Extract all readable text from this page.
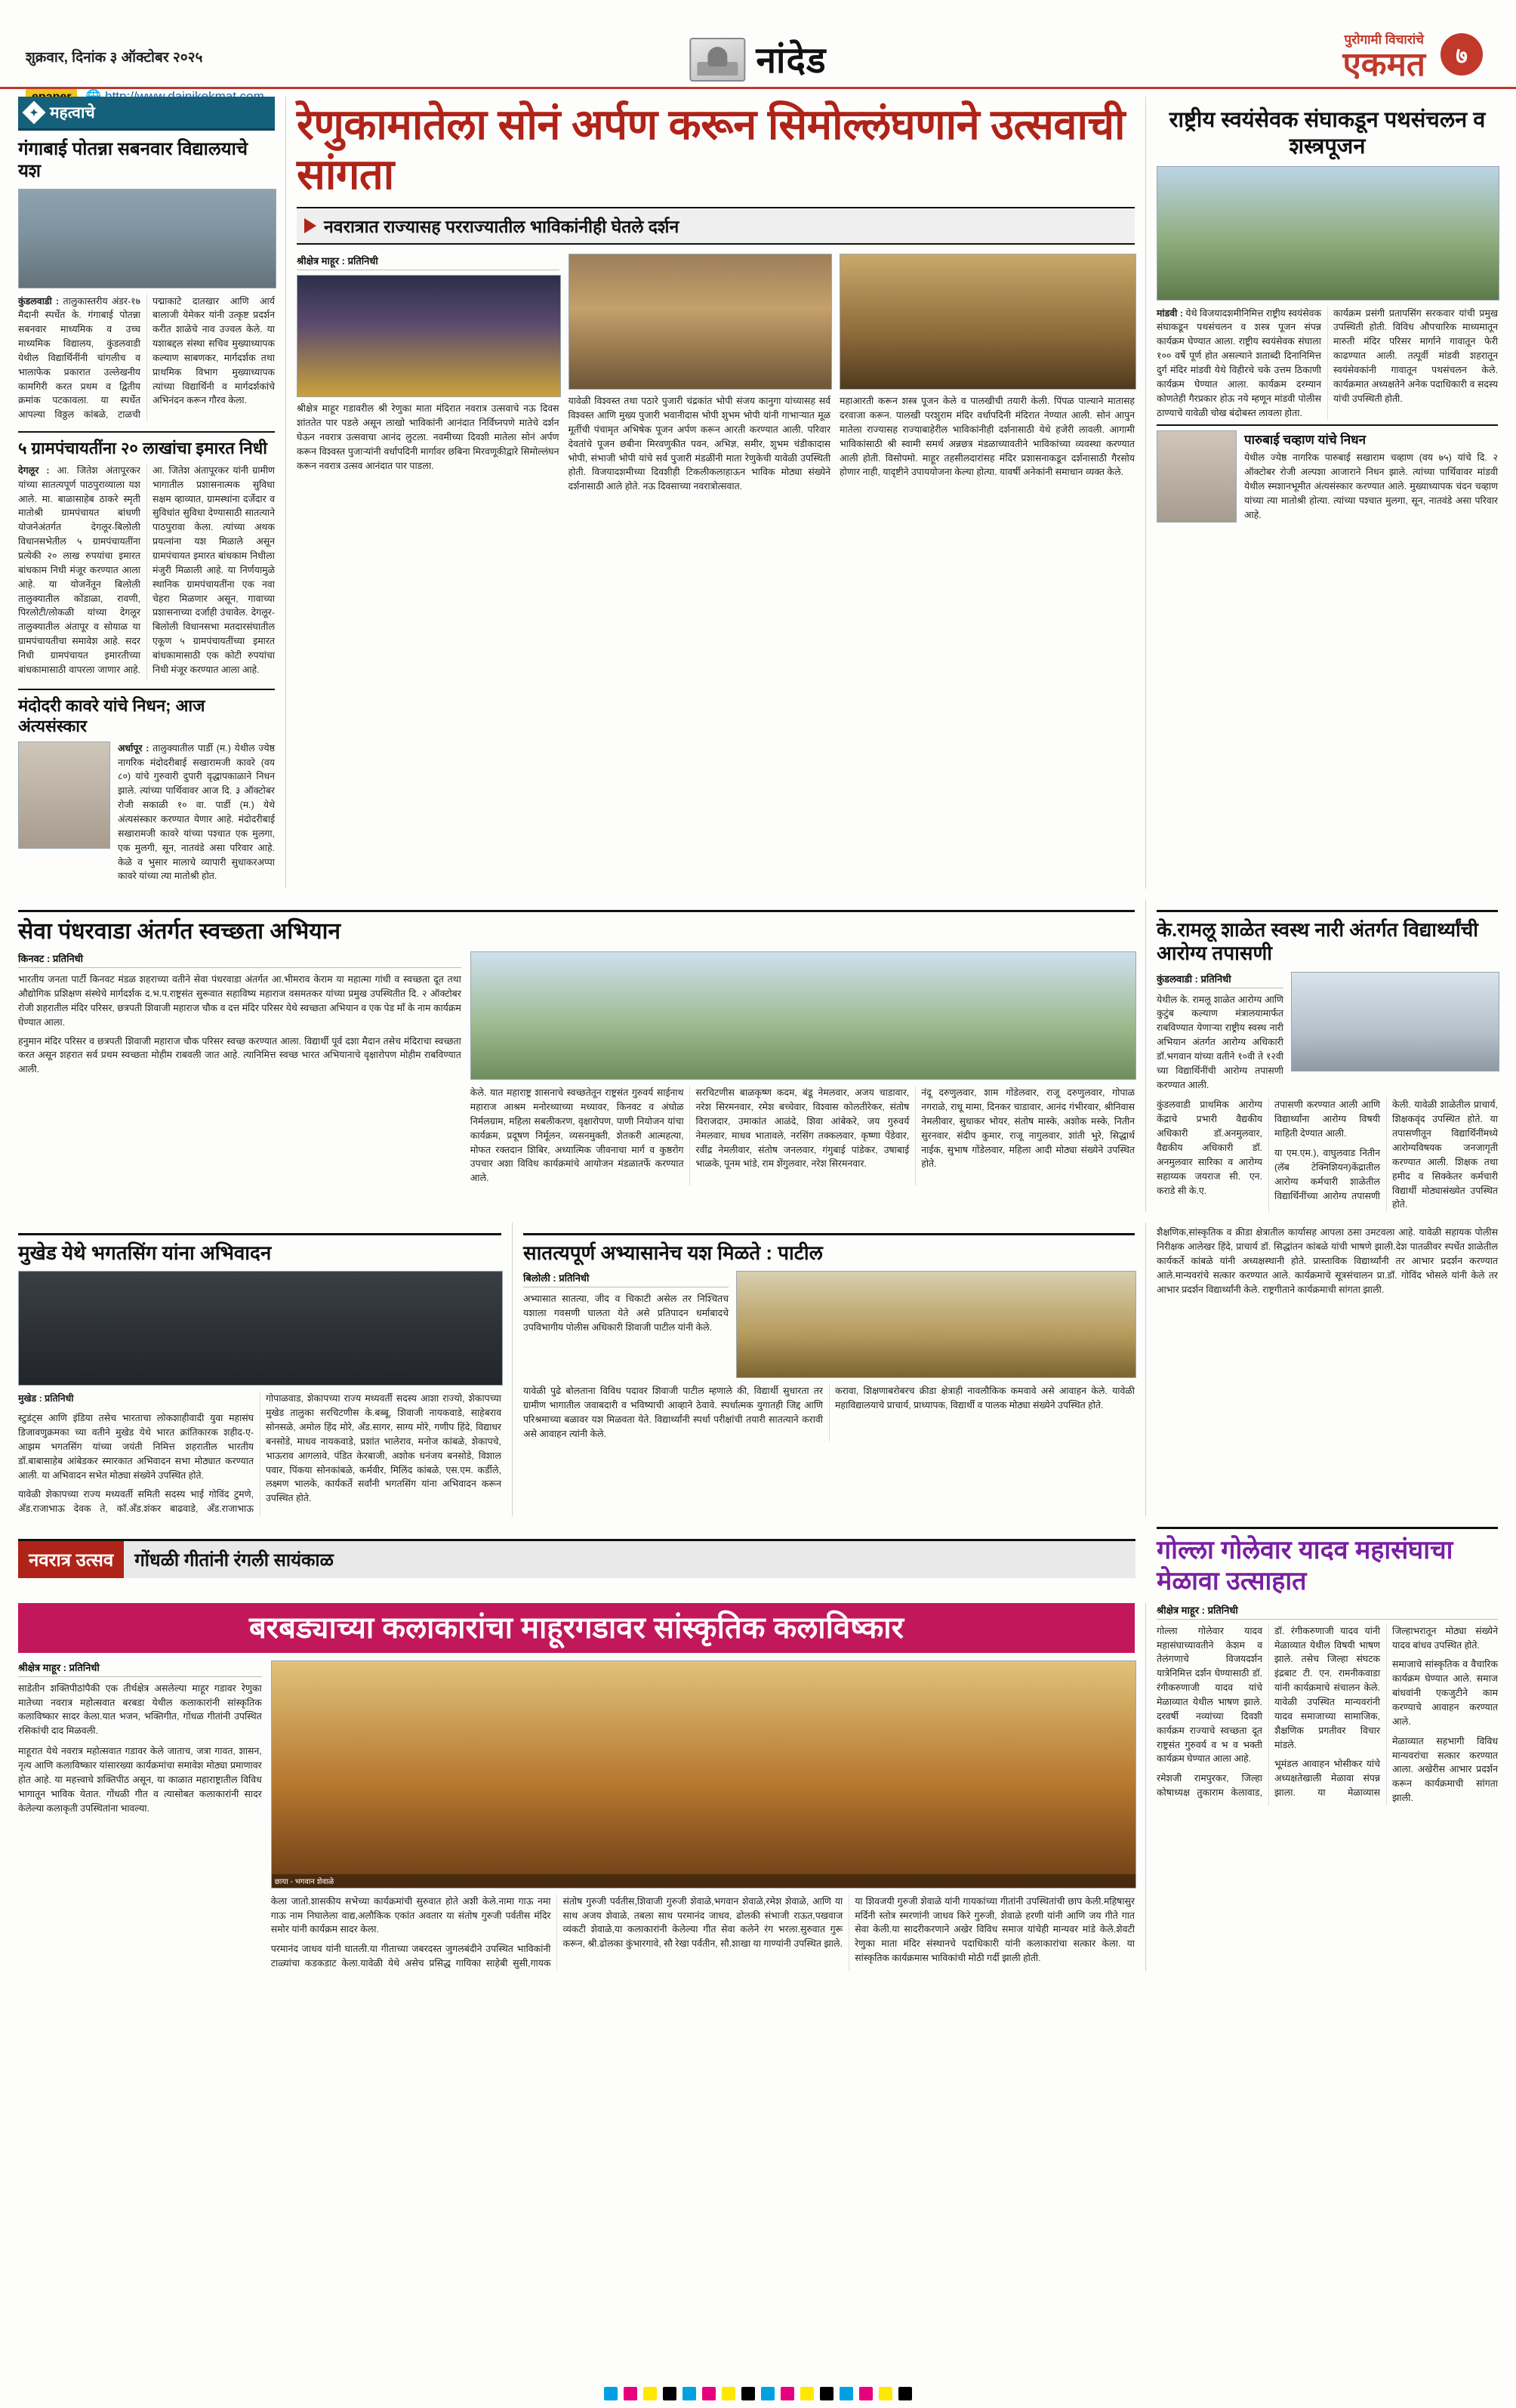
शुक्रवार, दिनांक ३ ऑक्टोबर २०२५	नांदेड
पुरोगामी विचारांचे
एकमत	७
✦ महत्वाचे
गंगाबाई पोतन्ना सबनवार विद्यालयाचे यश

कुंडलवाडी : तालुकास्तरीय अंडर-१७ मैदानी स्पर्धेत के. गंगाबाई पोतन्ना सबनवार माध्यमिक व उच्च माध्यमिक विद्यालय, कुंडलवाडी येथील विद्यार्थिनींनी चांगलीच व भालाफेक प्रकारात उल्लेखनीय कामगिरी करत प्रथम व द्वितीय क्रमांक पटकावला. या स्पर्धेत आपल्या विठ्ठल कांबळे, टाळची पद्माकाटे दातखार आणि आर्य बालाजी येमेकर यांनी उत्कृष्ट प्रदर्शन करीत शाळेचे नाव उज्वल केले. या यशाबद्दल संस्था सचिव मुख्याध्यापक कल्याण साबणकर, मार्गदर्शक तथा प्राथमिक विभाग मुख्याध्यापक त्यांच्या विद्यार्थिनी व मार्गदर्शकांचे अभिनंदन करून गौरव केला.

५ ग्रामपंचायतींना २० लाखांचा इमारत निधी

देगलूर : आ. जितेश अंतापूरकर यांच्या सातत्यपूर्ण पाठपुराव्याला यश आले. मा. बाळासाहेब ठाकरे स्मृती मातोश्री ग्रामपंचायत बांधणी योजनेअंतर्गत देगलूर-बिलोली विधानसभेतील ५ ग्रामपंचायतींना प्रत्येकी २० लाख रुपयांचा इमारत बांधकाम निधी मंजूर करण्यात आला आहे. या योजनेंतून बिलोली तालुक्यातील कोंडाळा, रावणी, पिरलोटी/लोकळी यांच्या देगलूर तालुक्यातील अंतापूर व सोयाळ या ग्रामपंचायतीचा समावेश आहे. सदर निधी ग्रामपंचायत इमारतीच्या बांधकामासाठी वापरला जाणार आहे. आ. जितेश अंतापूरकर यांनी ग्रामीण भागातील प्रशासनात्मक सुविधा सक्षम व्हाव्यात, ग्रामस्थांना दर्जेदार व सुविधांत सुविधा देण्यासाठी सातत्याने पाठपुरावा केला. त्यांच्या अथक प्रयत्नांना यश मिळाले असून ग्रामपंचायत इमारत बांधकाम निधीला मंजुरी मिळाली आहे. या निर्णयामुळे स्थानिक ग्रामपंचायतींना एक नवा चेहरा मिळणार असून, गावाच्या प्रशासनाच्या दर्जाही उंचावेल. देगलूर-बिलोली विधानसभा मतदारसंघातील एकूण ५ ग्रामपंचायतींच्या इमारत बांधकामासाठी एक कोटी रुपयांचा निधी मंजूर करण्यात आला आहे.

मंदोदरी कावरे यांचे निधन; आज अंत्यसंस्कार

अर्धापूर : तालुक्यातील पार्डी (म.) येथील ज्येष्ठ नागरिक मंदोदरीबाई सखारामजी कावरे (वय ८०) यांचे गुरुवारी दुपारी वृद्धापकाळाने निधन झाले. त्यांच्या पार्थिवावर आज दि. ३ ऑक्टोबर रोजी सकाळी १० वा. पार्डी (म.) येथे अंत्यसंस्कार करण्यात येणार आहे. मंदोदरीबाई सखारामजी कावरे यांच्या पश्चात एक मुलगा, एक मुलगी, सून, नातवंडे असा परिवार आहे. केळे व भुसार मालाचे व्यापारी सुधाकरअप्पा कावरे यांच्या त्या मातोश्री होत.

रेणुकामातेला सोनं अर्पण करून सिमोल्लंघणाने उत्सवाची सांगता
नवरात्रात राज्यासह परराज्यातील भाविकांनीही घेतले दर्शन
श्रीक्षेत्र माहूर : प्रतिनिधी
श्रीक्षेत्र माहूर गडावरील श्री रेणुका माता मंदिरात नवरात्र उत्सवाचे नऊ दिवस शांततेत पार पडले असून लाखो भाविकांनी आनंदात निर्विघ्नपणे मातेचे दर्शन घेऊन नवरात्र उत्सवाचा आनंद लुटला. नवमीच्या दिवशी मातेला सोनं अर्पण करून विश्वस्त पुजाऱ्यांनी वर्धापदिनी मार्गावर छबिना मिरवणूकीद्वारे सिमोल्लंघन करून नवरात्र उत्सव आनंदात पार पाडला.
यावेळी विश्वस्त तथा पठारे पुजारी चंद्रकांत भोपी संजय कानुगा यांच्यासह सर्व विश्वस्त आणि मुख्य पुजारी भवानीदास भोपी शुभम भोपी यांनी गाभाऱ्यात मूळ मूर्तीची पंचामृत अभिषेक पूजन अर्पण करून आरती करण्यात आली. परिवार देवतांचे पूजन छबीना मिरवणुकीत पवन, अभिज्ञ, समीर, शुभम चंडीकादास भोपी, संभाजी भोपी यांचे सर्व पुजारी मंडळींनी माता रेणुकेची यावेळी उपस्थिती होती. विजयादशमीच्या दिवशीही टिकलीकलाहाऊन भाविक मोठ्या संख्येने दर्शनासाठी आले होते. नऊ दिवसाच्या नवरात्रोत्सवात.
महाआरती करून शस्त्र पूजन केले व पालखीची तयारी केली. पिंपळ पाल्याने मातासह दरवाजा करून. पालखी परशुराम मंदिर वर्धापदिनी मंदिरात नेण्यात आली. सोनं आपुन मातेला राज्यासह राज्याबाहेरील भाविकांनीही दर्शनासाठी येथे हजेरी लावली. आगामी भाविकांसाठी श्री स्वामी समर्थ अन्नछत्र मंडळाच्यावतीने भाविकांच्या व्यवस्था करण्यात आली होती. विसोपमो. माहूर तहसीलदारांसह मंदिर प्रशासनाकडून दर्शनासाठी गैरसोय होणार नाही, यादृष्टीने उपाययोजना केल्या होत्या. यावर्षी अनेकांनी समाधान व्यक्त केले.
राष्ट्रीय स्वयंसेवक संघाकडून पथसंचलन व शस्त्रपूजन

मांडवी : येथे विजयादशमीनिमित्त राष्ट्रीय स्वयंसेवक संघाकडून पथसंचलन व शस्त्र पूजन संपन्न कार्यक्रम घेण्यात आला. राष्ट्रीय स्वयंसेवक संघाला १०० वर्षे पूर्ण होत असल्याने शताब्दी दिनानिमित्त दुर्ग मंदिर मांडवी येथे विहीरचे चके उत्तम ठिकाणी कार्यक्रम घेण्यात आला. कार्यक्रम दरम्यान कोणतेही गैरप्रकार होऊ नये म्हणून मांडवी पोलीस ठाण्याचे यावेळी चोख बंदोबस्त लावला होता.

कार्यक्रम प्रसंगी प्रतापसिंग सरकवार यांची प्रमुख उपस्थिती होती. विविध औपचारिक माध्यमातून मारुती मंदिर परिसर मार्गाने गावातून फेरी काढण्यात आली. तत्पूर्वी मांडवी शहरातून स्वयंसेवकांनी गावातून पथसंचलन केले. कार्यक्रमात अध्यक्षतेने अनेक पदाधिकारी व सदस्य यांची उपस्थिती होती.

पारुबाई चव्हाण यांचे निधन
येथील ज्येष्ठ नागरिक पारुबाई सखाराम चव्हाण (वय ७५) यांचे दि. २ ऑक्टोबर रोजी अल्पशा आजाराने निधन झाले. त्यांच्या पार्थिवावर मांडवी येथील स्मशानभूमीत अंत्यसंस्कार करण्यात आले. मुख्याध्यापक चंदन चव्हाण यांच्या त्या मातोश्री होत्या. त्यांच्या पश्चात मुलगा, सून, नातवंडे असा परिवार आहे.
सेवा पंधरवाडा अंतर्गत स्वच्छता अभियान
किनवट : प्रतिनिधी
भारतीय जनता पार्टी किनवट मंडळ शहराच्या वतीने सेवा पंधरवाडा अंतर्गत आ.भीमराव केराम या महात्मा गांधी व स्वच्छता दूत तथा औद्योगिक प्रशिक्षण संस्थेचे मार्गदर्शक द.भ.प.राष्ट्रसंत सुरूवात सहाविष्य महाराज वसमतकर यांच्या प्रमुख उपस्थितीत दि. २ ऑक्टोबर रोजी शहरातील मंदिर परिसर, छत्रपती शिवाजी महाराज चौक व दत्त मंदिर परिसर येथे स्वच्छता अभियान व एक पेड माँ के नाम कार्यक्रम घेण्यात आला.
हनुमान मंदिर परिसर व छत्रपती शिवाजी महाराज चौक परिसर स्वच्छ करण्यात आला. विद्यार्थी पूर्व दशा मैदान तसेच मंदिराचा स्वच्छता करत असून शहरात सर्व प्रथम स्वच्छता मोहीम राबवली जात आहे. त्यानिमित्त स्वच्छ भारत अभियानाचे वृक्षारोपण मोहीम राबविण्यात आली.

केले. यात महाराष्ट्र शासनाचे स्वच्छतेतून राष्ट्रसंत गुरुवर्य साईनाथ महाराज आश्रम मनोरथ्याच्या मध्यावर, किनवट व अंघोळ निर्मलग्राम, महिला सबलीकरण, वृक्षारोपण, पाणी नियोजन यांचा कार्यक्रम, प्रदूषण निर्मूलन, व्यसनमुक्ती, शेतकरी आत्महत्या, मोफत रक्तदान शिबिर, अध्यात्मिक जीवनाचा मार्ग व कुष्ठरोग उपचार अशा विविध कार्यक्रमांचे आयोजन मंडळातर्फे करण्यात आले.

सरचिटणीस बाळकृष्ण कदम, बंडू नेमलवार, अजय चाडावार, नरेश सिरमनवार, रमेश बच्चेवार, विश्वास कोलतीरेकर, संतोष विराजदार, उमाकांत आळंदे, शिवा आंबेकरे, जय गुरुवर्य नेमलवार, माधव भातावले, नरसिंग तक्कलवार, कृष्णा पेंडेवार, रवींद्र नेमलीवार, संतोष जनलवार, गंगुबाई पांडेकर, उषाबाई भाळके, पूनम भांडे, राम शेंगुलवार, नरेश सिरमनवार.

नंदू दरुणुलवार, शाम गोंडेलवार, राजू दरुणुलवार, गोपाळ नगराळे, राधू मामा, दिनकर चाडावार, आनंद गंभीरवार, श्रीनिवास नेमलीवार, सुधाकर भोयर, संतोष मास्के, अशोक मस्के, नितीन सुरनवार, संदीप कुमार, राजू नागुलवार, शांती भुरे, सिद्धार्थ नाईक, सुभाष गोंडेलवार, महिला आदी मोठ्या संख्येने उपस्थित होते.

के.रामलू शाळेत स्वस्थ नारी अंतर्गत विद्यार्थ्यांची आरोग्य तपासणी
कुंडलवाडी : प्रतिनिधी
येथील के. रामलू शाळेत आरोग्य आणि कुटुंब कल्याण मंत्रालयामार्फत राबविण्यात येणाऱ्या राष्ट्रीय स्वस्थ नारी अभियान अंतर्गत आरोग्य अधिकारी डॉ.भगवान यांच्या वतीने १०वी ते १२वी च्या विद्यार्थिनींची आरोग्य तपासणी करण्यात आली.

कुंडलवाडी प्राथमिक आरोग्य केंद्राचे प्रभारी वैद्यकीय अधिकारी डॉ.अनमुलवार, वैद्यकीय अधिकारी डॉ. अनमुलवार सारिका व आरोग्य सहाय्यक जयराज सी. एन. कराडे सी के.ए.

तपासणी करण्यात आली आणि विद्यार्थ्यांना आरोग्य विषयी माहिती देण्यात आली.

या एम.एम.), वाघुलवाड नितीन (लॅब टेक्निशियन)केंद्रातील आरोग्य कर्मचारी शाळेतील विद्यार्थिनींच्या आरोग्य तपासणी केली. यावेळी शाळेतील प्राचार्य, शिक्षकवृंद उपस्थित होते. या तपासणीतून विद्यार्थिनींमध्ये आरोग्यविषयक जनजागृती करण्यात आली. शिक्षक तथा हमीद व सिक्केतर कर्मचारी विद्यार्थी मोठ्यासंख्येत उपस्थित होते.

मुखेड येथे भगतसिंग यांना अभिवादन

मुखेड : प्रतिनिधी

स्टुडंट्स आणि इंडिया तसेच भारताचा लोकशाहीवादी युवा महासंघ डिजावणुक्रमका च्या वतीने मुखेड येथे भारत क्रांतिकारक शहीद-ए-आझम भगतसिंग यांच्या जयंती निमित्त शहरातील भारतीय डॉ.बाबासाहेब आंबेडकर स्मारकात अभिवादन सभा मोठ्यात करण्यात आली. या अभिवादन सभेत मोठ्या संख्येने उपस्थित होते.

यावेळी शेकापच्या राज्य मध्यवर्ती समिती सदस्य भाई गोविंद टुमणे, अँड.राजाभाऊ देवक ते, कॉ.अँड.शंकर बाढवाडे, अँड.राजाभाऊ गोपाळवाड, शेकापच्या राज्य मध्यवर्ती सदस्य आशा राज्यो, शेकापच्या मुखेड तालुका सरचिटणीस के.बब्बू, शिवाजी नायकवाडे, साहेबराव सोनसळे, अमोल हिंद मोरे, अँड.सागर, साग्य मोरे, गणीप हिंदे, विद्याधर बनसोडे, माधव नायकवाडे, प्रशांत भालेराव, मनोज कांबळे, शेकापचे, भाऊराव आगलावे, पंडित केरबाजी, अशोक धनंजय बनसोडे, विशाल पवार, पिंकया सोनकांबळे, कर्मवीर, मिलिंद कांबळे, एस.एम. कर्डीले, लक्ष्मण भालके, कार्यकर्ते सर्वांनी भगतसिंग यांना अभिवादन करून उपस्थित होते.

सातत्यपूर्ण अभ्यासानेच यश मिळते : पाटील
बिलोली : प्रतिनिधी
अभ्यासात सातत्या, जीद व चिकाटी असेल तर निश्चितच यशाला गवसणी घालता येते असे प्रतिपादन धर्माबादचे उपविभागीय पोलीस अधिकारी शिवाजी पाटील यांनी केले.

यावेळी पुढे बोलताना विविध पदावर शिवाजी पाटील म्हणाले की, विद्यार्थी सुधारता तर ग्रामीण भागातील जवाबदारी व भविष्याची आव्हाने ठेवावे. स्पर्धात्मक युगातही जिद्द आणि परिश्रमाच्या बळावर यश मिळवता येते. विद्यार्थ्यांनी स्पर्धा परीक्षांची तयारी सातत्याने करावी असे आवाहन त्यांनी केले.

करावा, शिक्षणाबरोबरच क्रीडा क्षेत्राही नावलौकिक कमवावे असे आवाहन केले. यावेळी महाविद्यालयाचे प्राचार्य, प्राध्यापक, विद्यार्थी व पालक मोठ्या संख्येने उपस्थित होते.

शैक्षणिक,सांस्कृतिक व क्रीडा क्षेत्रातील कार्यासह आपला ठसा उमटवला आहे. यावेळी सहायक पोलीस निरीक्षक आलेखर हिंदे, प्राचार्य डॉ. सिद्धांतन कांबळे यांची भाषणे झाली.देश पातळीवर स्पर्धेत शाळेतील कार्यकर्ते कांबळे यांनी अध्यक्षस्थानी होते. प्रास्ताविक विद्यार्थ्यांनी तर आभार प्रदर्शन करण्यात आले.मान्यवरांचे सत्कार करण्यात आले. कार्यक्रमाचे सूत्रसंचालन प्रा.डॉ. गोविंद भोसले यांनी केले तर आभार प्रदर्शन विद्यार्थ्यांनी केले. राष्ट्रगीताने कार्यक्रमाची सांगता झाली.
नवरात्र उत्सव	गोंधळी गीतांनी रंगली सायंकाळ	गोल्ला गोलेवार यादव महासंघाचा मेळावा उत्साहात
बरबड्याच्या कलाकारांचा माहूरगडावर सांस्कृतिक कलाविष्कार
श्रीक्षेत्र माहूर : प्रतिनिधी
साडेतीन शक्तिपीठांपैकी एक तीर्थक्षेत्र असलेल्या माहूर गडावर रेणुका मातेच्या नवरात्र महोत्सवात बरबडा येथील कलाकारांनी सांस्कृतिक कलाविष्कार सादर केला.यात भजन, भक्तिगीत, गोंधळ गीतांनी उपस्थित रसिकांची दाद मिळवली.
माहूरात येथे नवरात्र महोत्सवात गडावर केले जाताच, जत्रा गावत, शासन, नृत्य आणि कलाविष्कार यांसारख्या कार्यक्रमांचा समावेश मोठ्या प्रमाणावर होत आहे. या महत्त्वाचे शक्तिपीठ असून, या काळात महाराष्ट्रातील विविध भागातून भाविक येतात. गोंधळी गीत व त्यासोबत कलाकारांनी सादर केलेल्या कलाकृती उपस्थितांना भावल्या.
छाया - भगवान शेवाळे

केला जातो.शासकीय सभेच्या कार्यक्रमांची सुरुवात होते अशी केले.नामा गाऊ नमा गाऊ नाम निघालेला वाद्य,अलौकिक एकांत अवतार या संतोष गुरुजी पर्वतीस मंदिर समोर यांनी कार्यक्रम सादर केला.

परमानंद जाधव यांनी घातली.या गीताच्या जबरदस्त जुगलबंदीने उपस्थित भाविकांनी टाळ्यांचा कडकडाट केला.यावेळी येथे असेच प्रसिद्ध गायिका साहेबी सुसी,गायक संतोष गुरुजी पर्वतीस,शिवाजी गुरुजी शेवाळे,भगवान शेवाळे,रमेश शेवाळे, आणि या साथ अजय शेवाळे, तबला साथ परमानंद जाधव, ढोलकी संभाजी राऊत,पखवाज व्यंकटी शेवाळे,या कलाकारांनी केलेल्या गीत सेवा कलेने रंग भरला.सुरुवात गुरू करून, श्री.ढोलका कुंभारगावे, सौ रेखा पर्वतीन, सौ.शाखा या गाण्यांनी उपस्थित झाले.

या शिवजयी गुरुजी शेवाळे यांनी गायकांच्या गीतांनी उपस्थितांची छाप केली.महिषासुर मर्दिनी स्तोत्र स्मरणांनी जाधव किरे गुरुजी, शेवाळे हरणी यांनी आणि जय गीते गात सेवा केली.या सादरीकरणाने अखेर विविध समाज यांचेही मान्यवर मांडे केले.शेवटी रेणुका माता मंदिर संस्थानचे पदाधिकारी यांनी कलाकारांचा सत्कार केला. या सांस्कृतिक कार्यक्रमास भाविकांची मोठी गर्दी झाली होती.

श्रीक्षेत्र माहूर : प्रतिनिधी

गोल्ला गोलेवार यादव महासंघाच्यावतीने केशम व तेलंगणाचे विजयदर्शन यात्रेनिमित्त दर्शन घेण्यासाठी डॉ. रंगीकरुणाजी यादव यांचे मेळाव्यात येथील भाषण झाले. दरवर्षी नव्यांच्या दिवशी कार्यक्रम राज्याचे स्वच्छता दूत राष्ट्रसंत गुरुवर्य व भ व भक्ती कार्यक्रम घेण्यात आला आहे.

रमेशजी रामपुरकर, जिल्हा कोषाध्यक्ष तुकाराम केलावाड, डॉ. रंगीकरुणाजी यादव यांनी मेळाव्यात येथील विषयी भाषण झाले. तसेच जिल्हा संघटक इंद्रबाट टी. एन. रामनीकवाडा यांनी कार्यक्रमाचे संचालन केले. यावेळी उपस्थित मान्यवरांनी यादव समाजाच्या सामाजिक, शैक्षणिक प्रगतीवर विचार मांडले.

भूमंडल आवाहन भोसीकर यांचे अध्यक्षतेखाली मेळावा संपन्न झाला. या मेळाव्यास जिल्हाभरातून मोठ्या संख्येने यादव बांधव उपस्थित होते.

समाजाचे सांस्कृतिक व वैचारिक कार्यक्रम घेण्यात आले. समाज बांधवांनी एकजुटीने काम करण्याचे आवाहन करण्यात आले.

मेळाव्यात सहभागी विविध मान्यवरांचा सत्कार करण्यात आला. अखेरीस आभार प्रदर्शन करून कार्यक्रमाची सांगता झाली.
